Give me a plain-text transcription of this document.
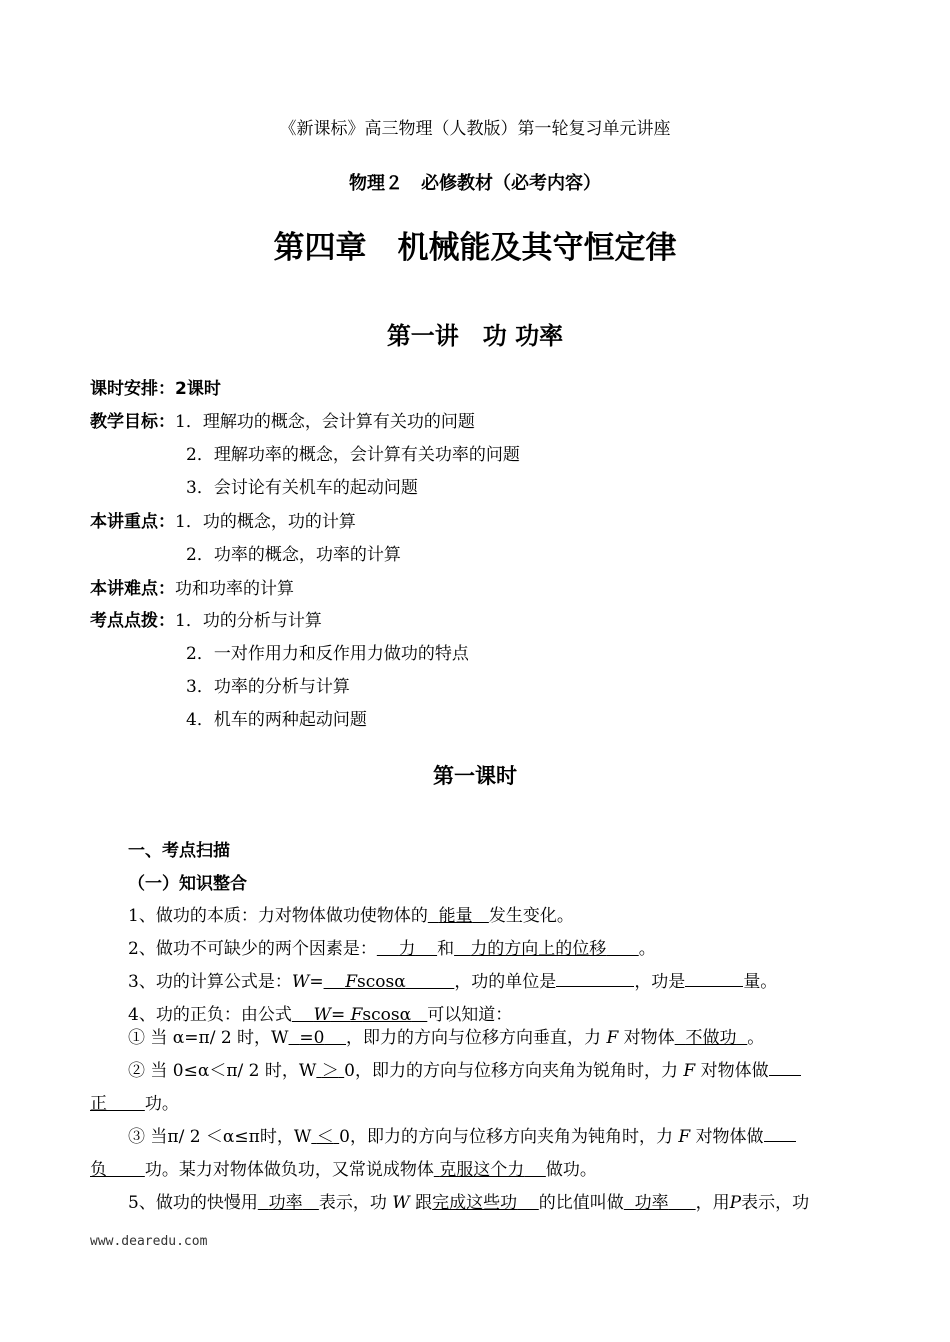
《新课标》高三物理（人教版）第一轮复习单元讲座
物理２　必修教材（必考内容）
第四章　机械能及其守恒定律
第一讲　功 功率
课时安排：2课时
教学目标：1．理解功的概念，会计算有关功的问题
2．理解功率的概念，会计算有关功率的问题
3．会讨论有关机车的起动问题
本讲重点：1．功的概念，功的计算
2．功率的概念，功率的计算
本讲难点：功和功率的计算
考点点拨：1．功的分析与计算
2．一对作用力和反作用力做功的特点
3．功率的分析与计算
4．机车的两种起动问题
第一课时
一、考点扫描
（一）知识整合
1、做功的本质：力对物体做功使物体的 能量 发生变化。
2、做功不可缺少的两个因素是： 力 和 力的方向上的位移 。
3、功的计算公式是：W= Fscosα	，功的单位是	，功是	量。
4、功的正负：由公式 W= Fscosα 可以知道：
① 当 α=π/ 2 时，W =0 ，即力的方向与位移方向垂直，力 F 对物体 不做功 。
② 当 0≤α＜π/ 2 时，W ＞ 0，即力的方向与位移方向夹角为锐角时，力 F 对物体做
正 功。
③ 当π/ 2 ＜α≤π时，W ＜ 0，即力的方向与位移方向夹角为钝角时，力 F 对物体做
负 功。某力对物体做负功，又常说成物体 克服这个力 做功。
5、做功的快慢用 功率 表示，功 W 跟完成这些功 的比值叫做 功率 ，用P表示，功
www.dearedu.com
